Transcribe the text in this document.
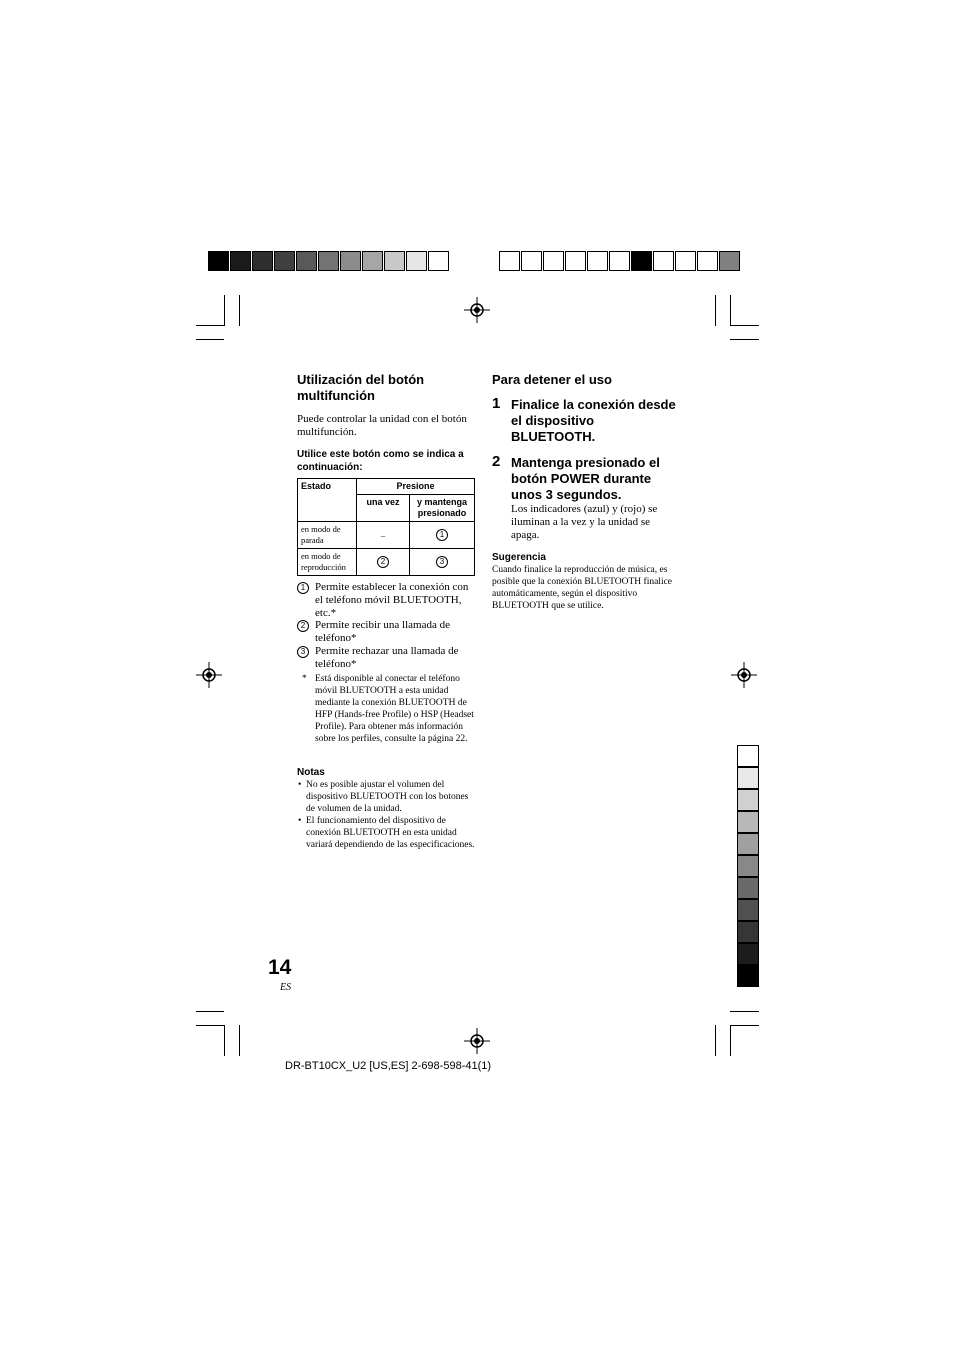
Utilización del botón multifunción
Puede controlar la unidad con el botón multifunción.
Utilice este botón como se indica a continuación:
Estado	Presione	
	una vez	y mantenga presionado
en modo de parada	–	1
en modo de reproducción	2	3
1 Permite establecer la conexión con el teléfono móvil BLUETOOTH, etc.*
2 Permite recibir una llamada de teléfono*
3 Permite rechazar una llamada de teléfono*
* Está disponible al conectar el teléfono móvil BLUETOOTH a esta unidad mediante la conexión BLUETOOTH de HFP (Hands-free Profile) o HSP (Headset Profile). Para obtener más información sobre los perfiles, consulte la página 22.
Notas
• No es posible ajustar el volumen del dispositivo BLUETOOTH con los botones de volumen de la unidad.
• El funcionamiento del dispositivo de conexión BLUETOOTH en esta unidad variará dependiendo de las especificaciones.
Para detener el uso
1 Finalice la conexión desde el dispositivo BLUETOOTH.
2 Mantenga presionado el botón POWER durante unos 3 segundos.
Los indicadores (azul) y (rojo) se iluminan a la vez y la unidad se apaga.
Sugerencia
Cuando finalice la reproducción de música, es posible que la conexión BLUETOOTH finalice automáticamente, según el dispositivo BLUETOOTH que se utilice.
14
ES
DR-BT10CX_U2 [US,ES] 2-698-598-41(1)
